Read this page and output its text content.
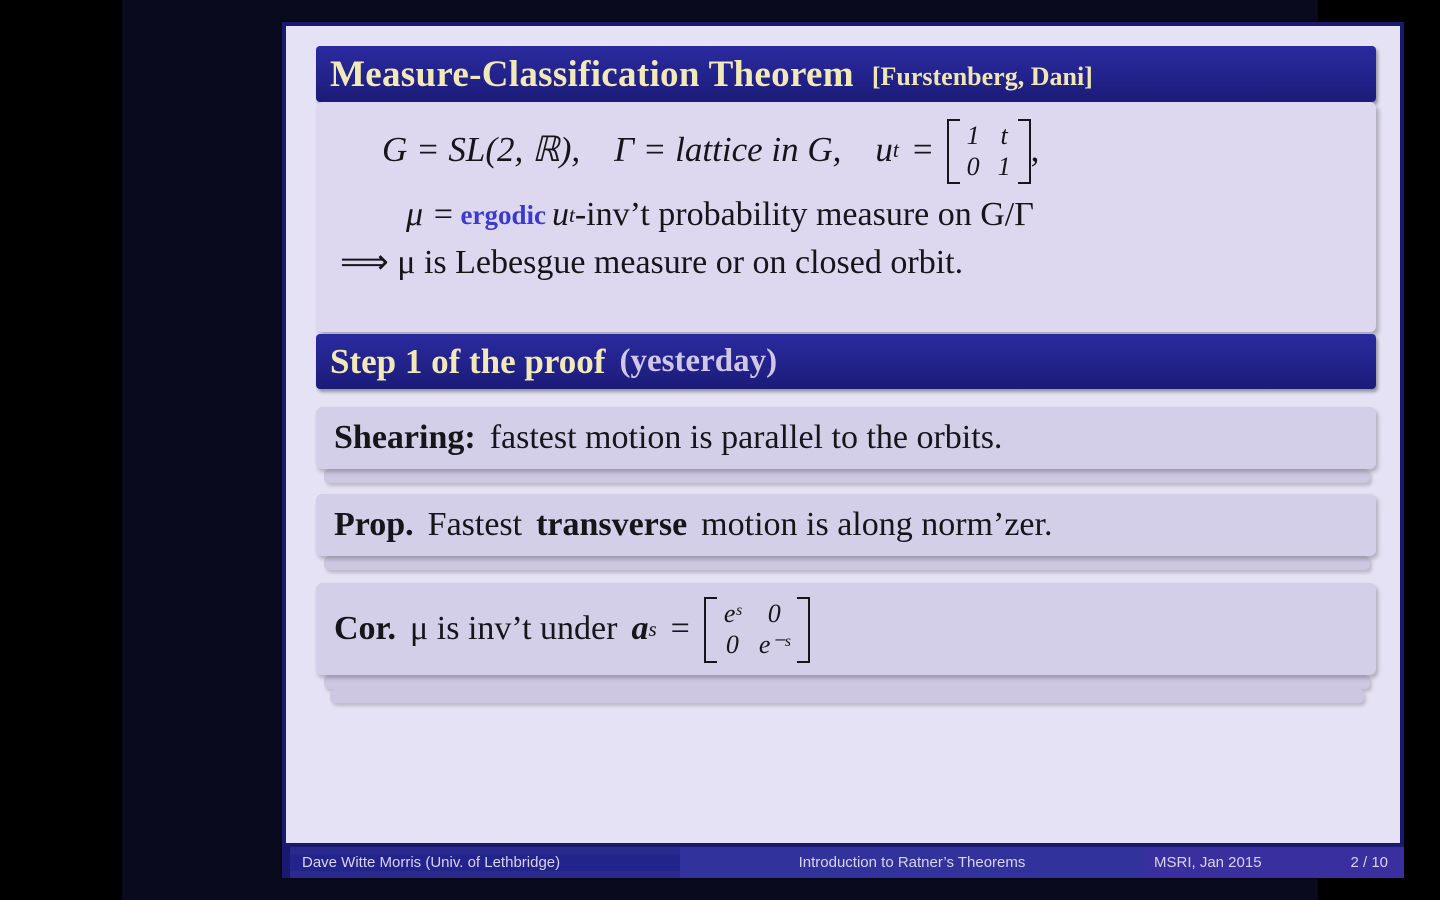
Measure-Classification Theorem [Furstenberg, Dani]
G = SL(2, ℝ), Γ = lattice in G, u t = 1 t
0 1 ,
μ = ergodic u t -inv’t probability measure on G/Γ
⟹ μ is Lebesgue measure or on closed orbit.
Step 1 of the proof (yesterday)
Shearing: fastest motion is parallel to the orbits.
Prop. Fastest transverse motion is along norm’zer.
Cor. μ is inv’t under a s = eˢ	0
0 e⁻ˢ
Dave Witte Morris (Univ. of Lethbridge)	Introduction to Ratner’s Theorems	MSRI, Jan 2015	2 / 10
